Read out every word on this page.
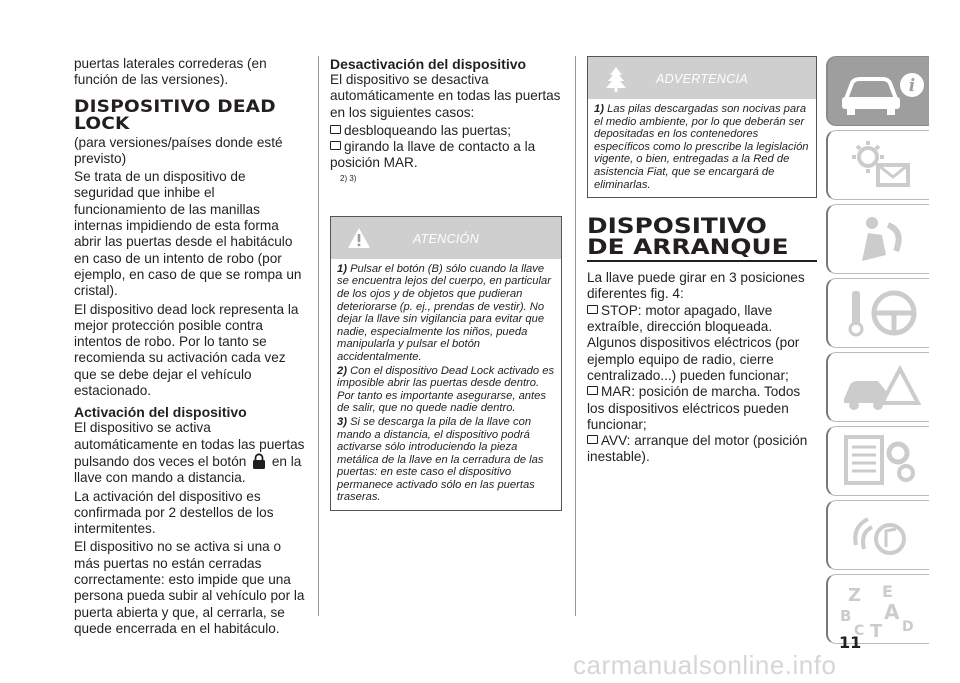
puertas laterales correderas (en función de las versiones).

DISPOSITIVO DEAD LOCK

(para versiones/países donde esté previsto)

Se trata de un dispositivo de seguridad que inhibe el funcionamiento de las manillas internas impidiendo de esta forma abrir las puertas desde el habitáculo en caso de un intento de robo (por ejemplo, en caso de que se rompa un cristal).

El dispositivo dead lock representa la mejor protección posible contra intentos de robo. Por lo tanto se recomienda su activación cada vez que se debe dejar el vehículo estacionado.

Activación del dispositivo

El dispositivo se activa automáticamente en todas las puertas pulsando dos veces el botón en la llave con mando a distancia.

La activación del dispositivo es confirmada por 2 destellos de los intermitentes.

El dispositivo no se activa si una o más puertas no están cerradas correctamente: esto impide que una persona pueda subir al vehículo por la puerta abierta y que, al cerrarla, se quede encerrada en el habitáculo.

Desactivación del dispositivo

El dispositivo se desactiva automáticamente en todas las puertas en los siguientes casos:

desbloqueando las puertas;

girando la llave de contacto a la posición MAR.

2) 3)
ATENCIÓN

1) Pulsar el botón (B) sólo cuando la llave se encuentra lejos del cuerpo, en particular de los ojos y de objetos que pudieran deteriorarse (p. ej., prendas de vestir). No dejar la llave sin vigilancia para evitar que nadie, especialmente los niños, pueda manipularla y pulsar el botón accidentalmente.

2) Con el dispositivo Dead Lock activado es imposible abrir las puertas desde dentro. Por tanto es importante asegurarse, antes de salir, que no quede nadie dentro.

3) Si se descarga la pila de la llave con mando a distancia, el dispositivo podrá activarse sólo introduciendo la pieza metálica de la llave en la cerradura de las puertas: en este caso el dispositivo permanece activado sólo en las puertas traseras.

ADVERTENCIA

1) Las pilas descargadas son nocivas para el medio ambiente, por lo que deberán ser depositadas en los contenedores específicos como lo prescribe la legislación vigente, o bien, entregadas a la Red de asistencia Fiat, que se encargará de eliminarlas.

DISPOSITIVO DE ARRANQUE

La llave puede girar en 3 posiciones diferentes fig. 4:

STOP: motor apagado, llave extraíble, dirección bloqueada. Algunos dispositivos eléctricos (por ejemplo equipo de radio, cierre centralizado...) pueden funcionar;

MAR: posición de marcha. Todos los dispositivos eléctricos pueden funcionar;

AVV: arranque del motor (posición inestable).

i
Z E
B A
C T D
11
carmanualsonline.info
